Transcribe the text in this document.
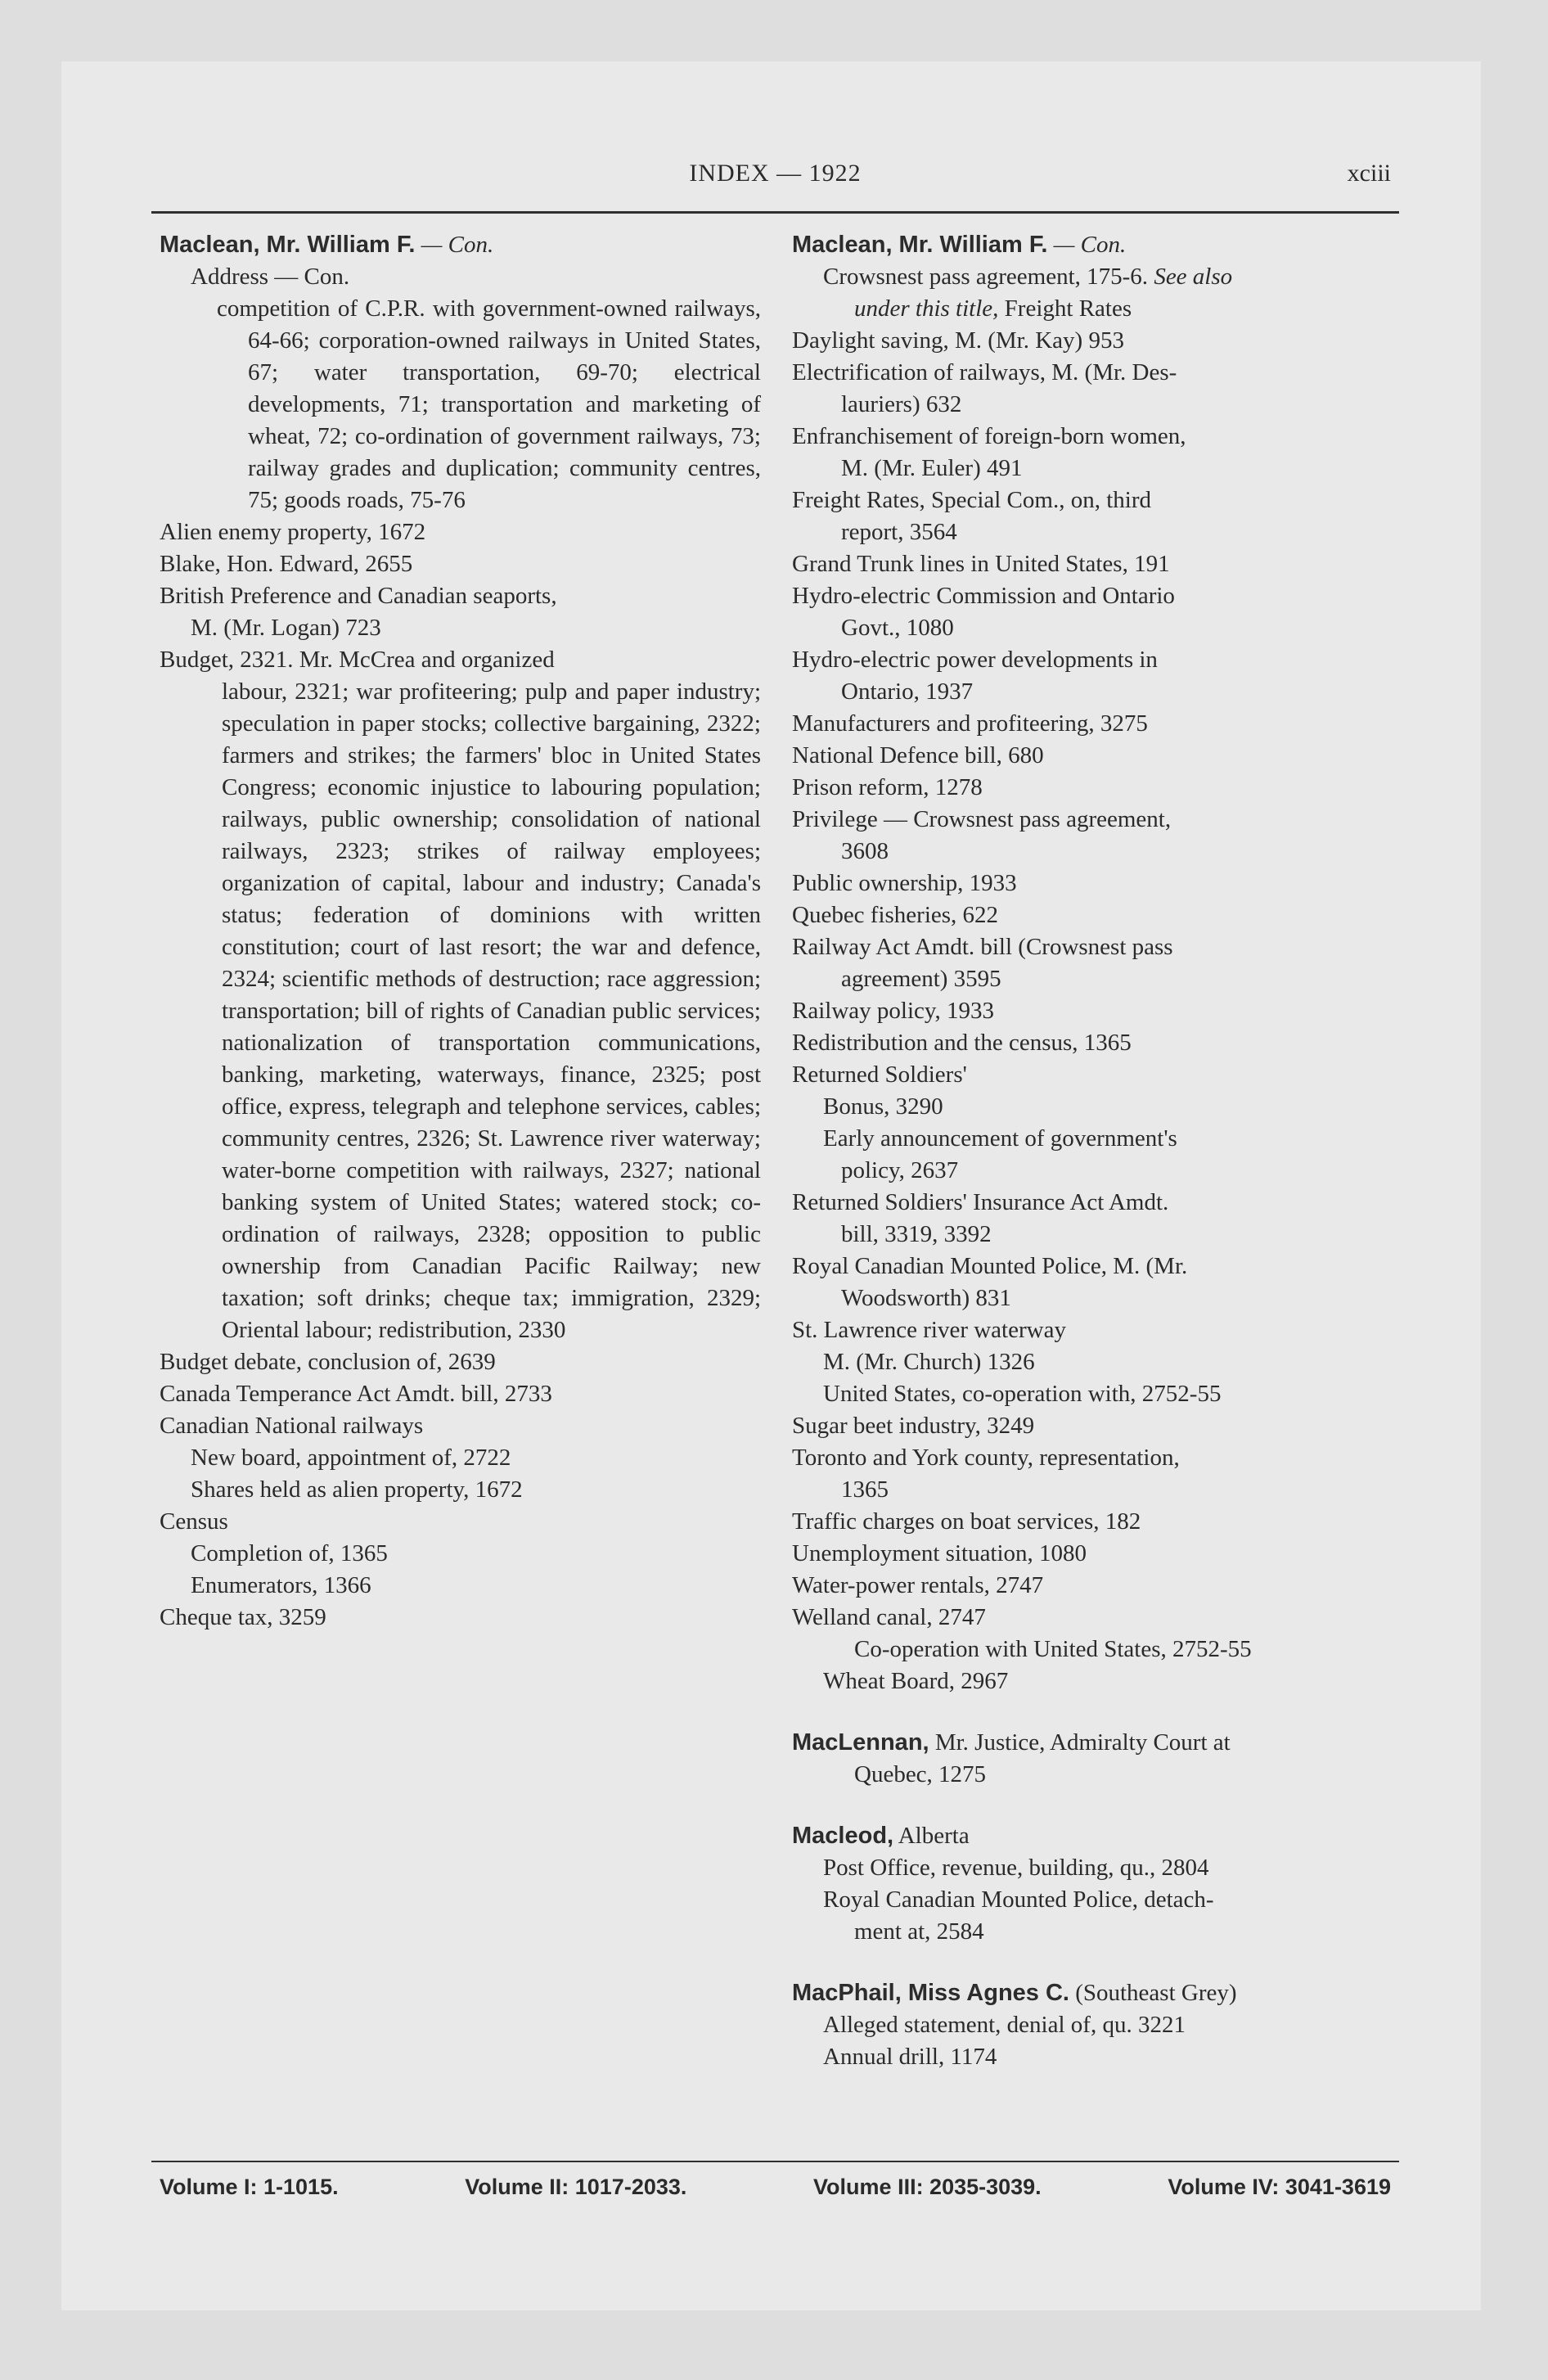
INDEX — 1922	xciii

Maclean, Mr. William F. — Con.

Address — Con.

competition of C.P.R. with government-owned railways, 64-66; corporation-owned railways in United States, 67; water transportation, 69-70; electrical developments, 71; transportation and marketing of wheat, 72; co-ordination of government railways, 73; railway grades and duplication; community centres, 75; goods roads, 75-76

Alien enemy property, 1672

Blake, Hon. Edward, 2655

British Preference and Canadian seaports,

M. (Mr. Logan) 723

Budget, 2321. Mr. McCrea and organized

labour, 2321; war profiteering; pulp and paper industry; speculation in paper stocks; collective bargaining, 2322; farmers and strikes; the farmers' bloc in United States Congress; economic injustice to labouring population; railways, public ownership; consolidation of national railways, 2323; strikes of railway employees; organization of capital, labour and industry; Canada's status; federation of dominions with written constitution; court of last resort; the war and defence, 2324; scientific methods of destruction; race aggression; transportation; bill of rights of Canadian public services; nationalization of transportation communications, banking, marketing, waterways, finance, 2325; post office, express, telegraph and telephone services, cables; community centres, 2326; St. Lawrence river waterway; water-borne competition with railways, 2327; national banking system of United States; watered stock; co-ordination of railways, 2328; opposition to public ownership from Canadian Pacific Railway; new taxation; soft drinks; cheque tax; immigration, 2329; Oriental labour; redistribution, 2330

Budget debate, conclusion of, 2639

Canada Temperance Act Amdt. bill, 2733

Canadian National railways

New board, appointment of, 2722

Shares held as alien property, 1672

Census

Completion of, 1365

Enumerators, 1366

Cheque tax, 3259

Maclean, Mr. William F. — Con.

Crowsnest pass agreement, 175-6. See also

under this title, Freight Rates

Daylight saving, M. (Mr. Kay) 953

Electrification of railways, M. (Mr. Des-

lauriers) 632

Enfranchisement of foreign-born women,

M. (Mr. Euler) 491

Freight Rates, Special Com., on, third

report, 3564

Grand Trunk lines in United States, 191

Hydro-electric Commission and Ontario

Govt., 1080

Hydro-electric power developments in

Ontario, 1937

Manufacturers and profiteering, 3275

National Defence bill, 680

Prison reform, 1278

Privilege — Crowsnest pass agreement,

3608

Public ownership, 1933

Quebec fisheries, 622

Railway Act Amdt. bill (Crowsnest pass

agreement) 3595

Railway policy, 1933

Redistribution and the census, 1365

Returned Soldiers'

Bonus, 3290

Early announcement of government's

policy, 2637

Returned Soldiers' Insurance Act Amdt.

bill, 3319, 3392

Royal Canadian Mounted Police, M. (Mr.

Woodsworth) 831

St. Lawrence river waterway

M. (Mr. Church) 1326

United States, co-operation with, 2752-55

Sugar beet industry, 3249

Toronto and York county, representation,

1365

Traffic charges on boat services, 182

Unemployment situation, 1080

Water-power rentals, 2747

Welland canal, 2747

Co-operation with United States, 2752-55

Wheat Board, 2967

MacLennan, Mr. Justice, Admiralty Court at

Quebec, 1275

Macleod, Alberta

Post Office, revenue, building, qu., 2804

Royal Canadian Mounted Police, detach-

ment at, 2584

MacPhail, Miss Agnes C. (Southeast Grey)

Alleged statement, denial of, qu. 3221

Annual drill, 1174

Volume I: 1-1015.	Volume II: 1017-2033.	Volume III: 2035-3039.	Volume IV: 3041-3619
